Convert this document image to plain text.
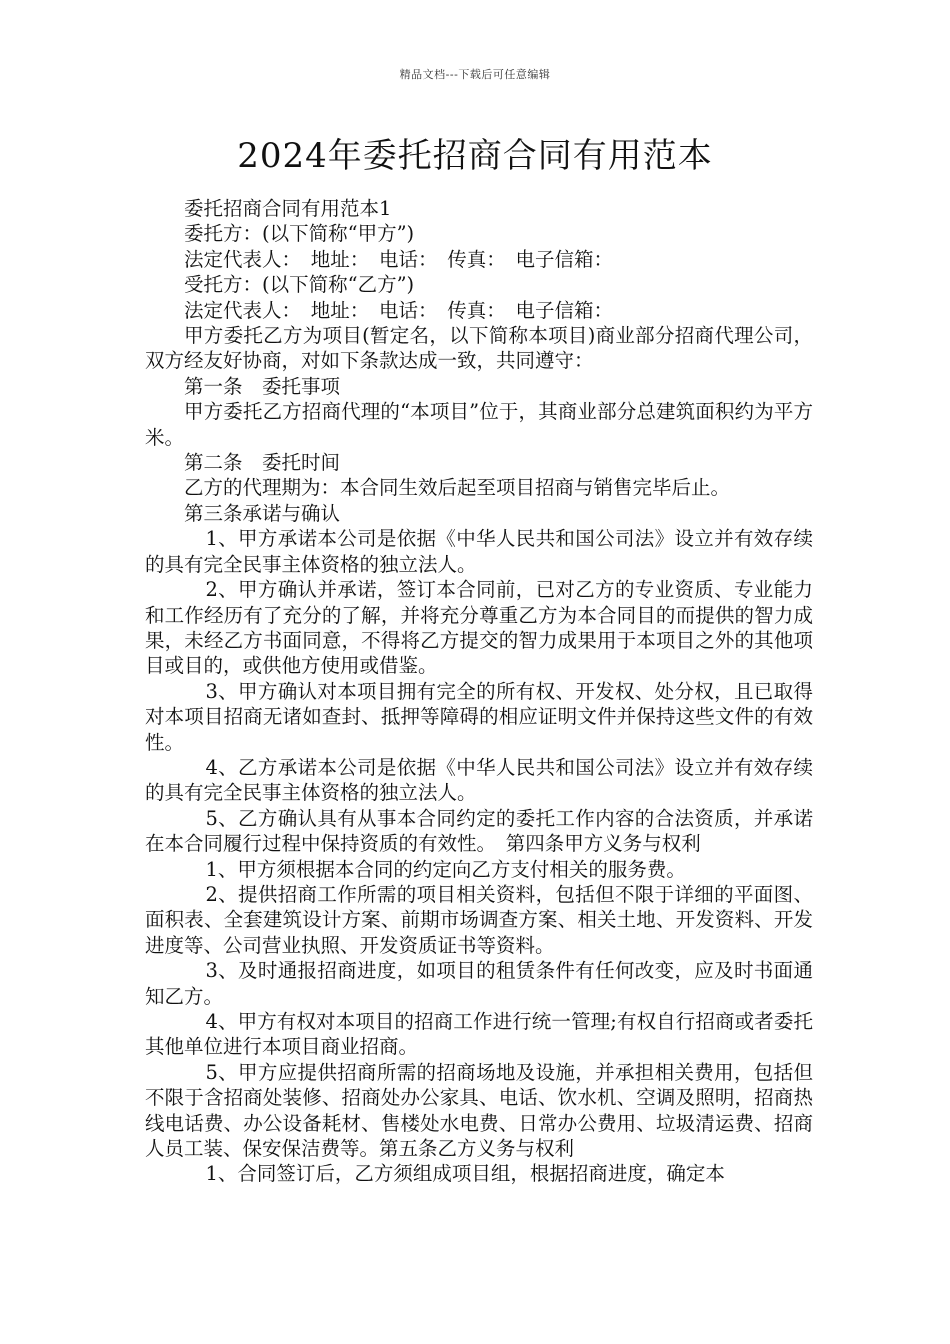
精品文档---下载后可任意编辑
2024年委托招商合同有用范本

委托招商合同有用范本1

委托方：(以下简称“甲方”)

法定代表人：　地址：　电话：　传真：　电子信箱：

受托方：(以下简称“乙方”)

法定代表人：　地址：　电话：　传真：　电子信箱：

甲方委托乙方为项目(暂定名，以下简称本项目)商业部分招商代理公司，双方经友好协商，对如下条款达成一致，共同遵守：

第一条　委托事项

甲方委托乙方招商代理的“本项目”位于，其商业部分总建筑面积约为平方米。

第二条　委托时间

乙方的代理期为：本合同生效后起至项目招商与销售完毕后止。

第三条承诺与确认

1、甲方承诺本公司是依据《中华人民共和国公司法》设立并有效存续的具有完全民事主体资格的独立法人。

2、甲方确认并承诺，签订本合同前，已对乙方的专业资质、专业能力和工作经历有了充分的了解，并将充分尊重乙方为本合同目的而提供的智力成果，未经乙方书面同意，不得将乙方提交的智力成果用于本项目之外的其他项目或目的，或供他方使用或借鉴。

3、甲方确认对本项目拥有完全的所有权、开发权、处分权，且已取得对本项目招商无诸如查封、抵押等障碍的相应证明文件并保持这些文件的有效性。

4、乙方承诺本公司是依据《中华人民共和国公司法》设立并有效存续的具有完全民事主体资格的独立法人。

5、乙方确认具有从事本合同约定的委托工作内容的合法资质，并承诺在本合同履行过程中保持资质的有效性。　第四条甲方义务与权利

1、甲方须根据本合同的约定向乙方支付相关的服务费。

2、提供招商工作所需的项目相关资料，包括但不限于详细的平面图、面积表、全套建筑设计方案、前期市场调查方案、相关土地、开发资料、开发进度等、公司营业执照、开发资质证书等资料。

3、及时通报招商进度，如项目的租赁条件有任何改变，应及时书面通知乙方。

4、甲方有权对本项目的招商工作进行统一管理;有权自行招商或者委托其他单位进行本项目商业招商。

5、甲方应提供招商所需的招商场地及设施，并承担相关费用，包括但不限于含招商处装修、招商处办公家具、电话、饮水机、空调及照明，招商热线电话费、办公设备耗材、售楼处水电费、日常办公费用、垃圾清运费、招商人员工装、保安保洁费等。第五条乙方义务与权利

1、合同签订后，乙方须组成项目组，根据招商进度，确定本
